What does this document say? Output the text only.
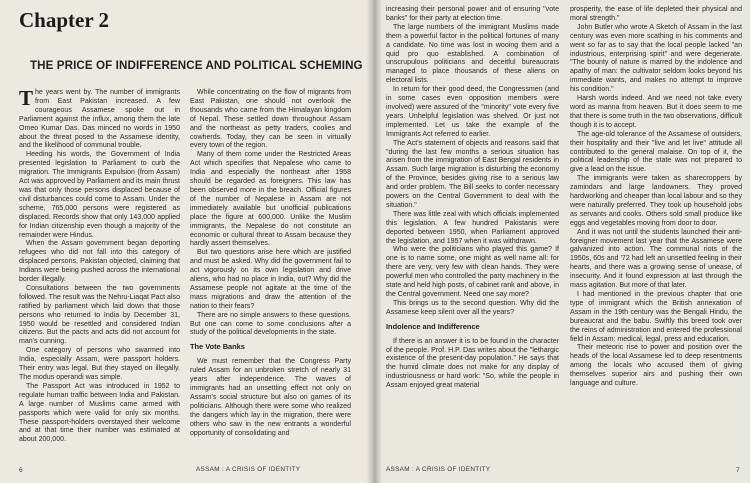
Chapter 2
THE PRICE OF INDIFFERENCE AND POLITICAL SCHEMING

The years went by. The number of immigrants from East Pakistan increased. A few courageous Assamese spoke out in Parliament against the influx, among them the late Omeo Kumar Das. Das minced no words in 1950 about the threat posed to the Assamese identity, and the likelihood of communal trouble.

Heeding his words, the Government of India presented legislation to Parliament to curb the migration. The Immigrants Expulsion (from Assam) Act was approved by Parliament and its main thrust was that only those persons displaced because of civil disturbances could come to Assam. Under the scheme, 765,000 persons were registered as displaced. Records show that only 143,000 applied for Indian citizenship even though a majority of the remainder were Hindus.

When the Assam government began deporting refugees who did not fall into this category of displaced persons, Pakistan objected, claiming that Indians were being pushed across the international border illegally.

Consultations between the two governments followed. The result was the Nehru-Liaqat Pact also ratified by parliament which laid down that those persons who returned to India by December 31, 1950 would be resettled and considered Indian citizens. But the pacts and acts did not account for man's cunning.

One category of persons who swarmed into India, especially Assam, were passport holders. Their entry was legal. But they stayed on illegally. The modus operandi was simple.

The Passport Act was introduced in 1952 to regulate human traffic between India and Pakistan. A large number of Muslims came armed with passports which were valid for only six months. These passport-holders overstayed their welcome and at that time their number was estimated at about 200,000.

While concentrating on the flow of migrants from East Pakistan, one should not overlook the thousands who came from the Himalayan kingdom of Nepal. These settled down throughout Assam and the northeast as petty traders, coolies and cowherds. Today, they can be seen in virtually every town of the region.

Many of them come under the Restricted Areas Act which specifies that Nepalese who came to India and especially the northeast after 1958 should be regarded as foreigners. This law has been observed more in the breach. Official figures of the number of Nepalese in Assam are not immediately available but unofficial publications place the figure at 600,000. Unlike the Muslim immigrants, the Nepalese do not constitute an economic or cultural threat to Assam because they hardly assert themselves.

But two questions arise here which are justified and must be asked. Why did the government fail to act vigorously on its own legislation and drive aliens, who had no place in India, out? Why did the Assamese people not agitate at the time of the mass migrations and draw the attention of the nation to their fears?

There are no simple answers to these questions. But one can come to some conclusions after a study of the political developments in the state.

The Vote Banks

We must remember that the Congress Party ruled Assam for an unbroken stretch of nearly 31 years after independence. The waves of immigrants had an unsettling effect not only on Assam's social structure but also on games of its politicians. Although there were some who realized the dangers which lay in the migration, there were others who saw in the new entrants a wonderful opportunity of consolidating and

6	ASSAM : A CRISIS OF IDENTITY

increasing their personal power and of ensuring "vote banks" for their party at election time.

The large numbers of the immigrant Muslims made them a powerful factor in the political fortunes of many a candidate. No time was lost in wooing them and a quid pro quo established. A combination of unscrupulous politicians and deceitful bureaucrats managed to place thousands of these aliens on electoral lists.

In return for their good deed, the Congressmen (and in some cases even opposition members were involved) were assured of the "minority" vote every five years. Unhelpful legislation was shelved. Or just not implemented. Let us take the example of the Immigrants Act referred to earlier.

The Act's statement of objects and reasons said that "during the last few months a serious situation has arisen from the immigration of East Bengal residents in Assam. Such large migration is disturbing the economy of the Province, besides giving rise to a serious law and order problem. The Bill seeks to confer necessary powers on the Central Government to deal with the situation."

There was little zeal with which officials implemented this legislation. A few hundred Pakistanis were deported between 1950, when Parliament approved the legislation, and 1957 when it was withdrawn.

Who were the politicians who played this game? If one is to name some, one might as well name all: for there are very, very few with clean hands. They were powerful men who controlled the party machinery in the state and held high posts, of cabinet rank and above, in the Central government. Need one say more?

This brings us to the second question. Why did the Assamese keep silent over all the years?

Indolence and Indifference

If there is an answer it is to be found in the character of the people. Prof. H.P. Das writes about the "lethargic existence of the present-day population." He says that the humid climate does not make for any display of industriousness or hard work: "So, while the people in Assam enjoyed great material

prosperity, the ease of life depleted their physical and moral strength."

John Butler who wrote A Sketch of Assam in the last century was even more scathing in his comments and went so far as to say that the local people lacked "an industrious, enterprising spirit" and were degenerate. "The bounty of nature is marred by the indolence and apathy of man: the cultivator seldom looks beyond his immediate wants, and makes no attempt to improve his condition."

Harsh words indeed. And we need not take every word as manna from heaven. But it does seem to me that there is some truth in the two observations, difficult though it is to accept.

The age-old tolerance of the Assamese of outsiders, their hospitality and their "live and let live" attitude all contributed to the general malaise. On top of it, the political leadership of the state was not prepared to give a lead on the issue.

The immigrants were taken as sharecroppers by zamindars and large landowners. They proved hardworking and cheaper than local labour and so they were naturally preferred. They took up household jobs as servants and cooks. Others sold small produce like eggs and vegetables moving from door to door.

And it was not until the students launched their anti-foreigner movement last year that the Assamese were galvanized into action. The communal riots of the 1950s, 60s and '72 had left an unsettled feeling in their hearts, and there was a growing sense of unease, of insecurity. And it found expression at last through the mass agitation. But more of that later.

I had mentioned in the previous chapter that one type of immigrant which the British annexation of Assam in the 19th century was the Bengali Hindu, the bureaucrat and the babu. Swiftly this breed took over the reins of administration and entered the professional field in Assam: medical, legal, press and education.

Their meteoric rise to power and position over the heads of the local Assamese led to deep resentments among the locals who accused them of giving themselves superior airs and pushing their own language and culture.

ASSAM : A CRISIS OF IDENTITY	7
